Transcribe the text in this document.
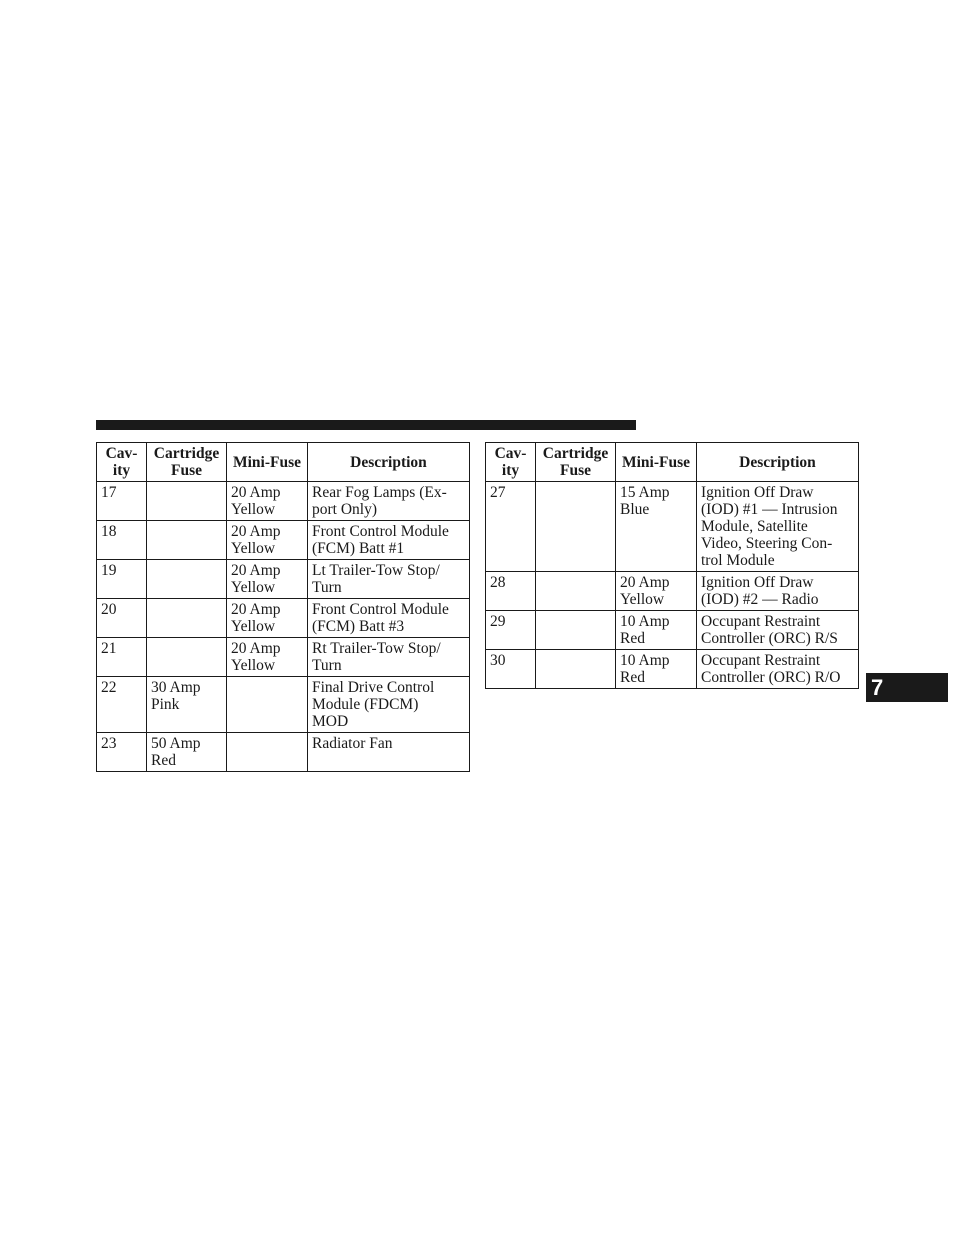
Cav-
ity	Cartridge
Fuse	Mini-Fuse	Description

17		20 Amp
Yellow	Rear Fog Lamps (Ex-
port Only)

18		20 Amp
Yellow	Front Control Module
(FCM) Batt #1

19		20 Amp
Yellow	Lt Trailer-Tow Stop/
Turn

20		20 Amp
Yellow	Front Control Module
(FCM) Batt #3

21		20 Amp
Yellow	Rt Trailer-Tow Stop/
Turn

22	30 Amp
Pink		Final Drive Control
Module (FDCM)
MOD

23	50 Amp
Red		Radiator Fan
Cav-
ity	Cartridge
Fuse	Mini-Fuse	Description

27		15 Amp
Blue	Ignition Off Draw
(IOD) #1 — Intrusion
Module, Satellite
Video, Steering Con-
trol Module

28		20 Amp
Yellow	Ignition Off Draw
(IOD) #2 — Radio

29		10 Amp
Red	Occupant Restraint
Controller (ORC) R/S

30		10 Amp
Red	Occupant Restraint
Controller (ORC) R/O	7
